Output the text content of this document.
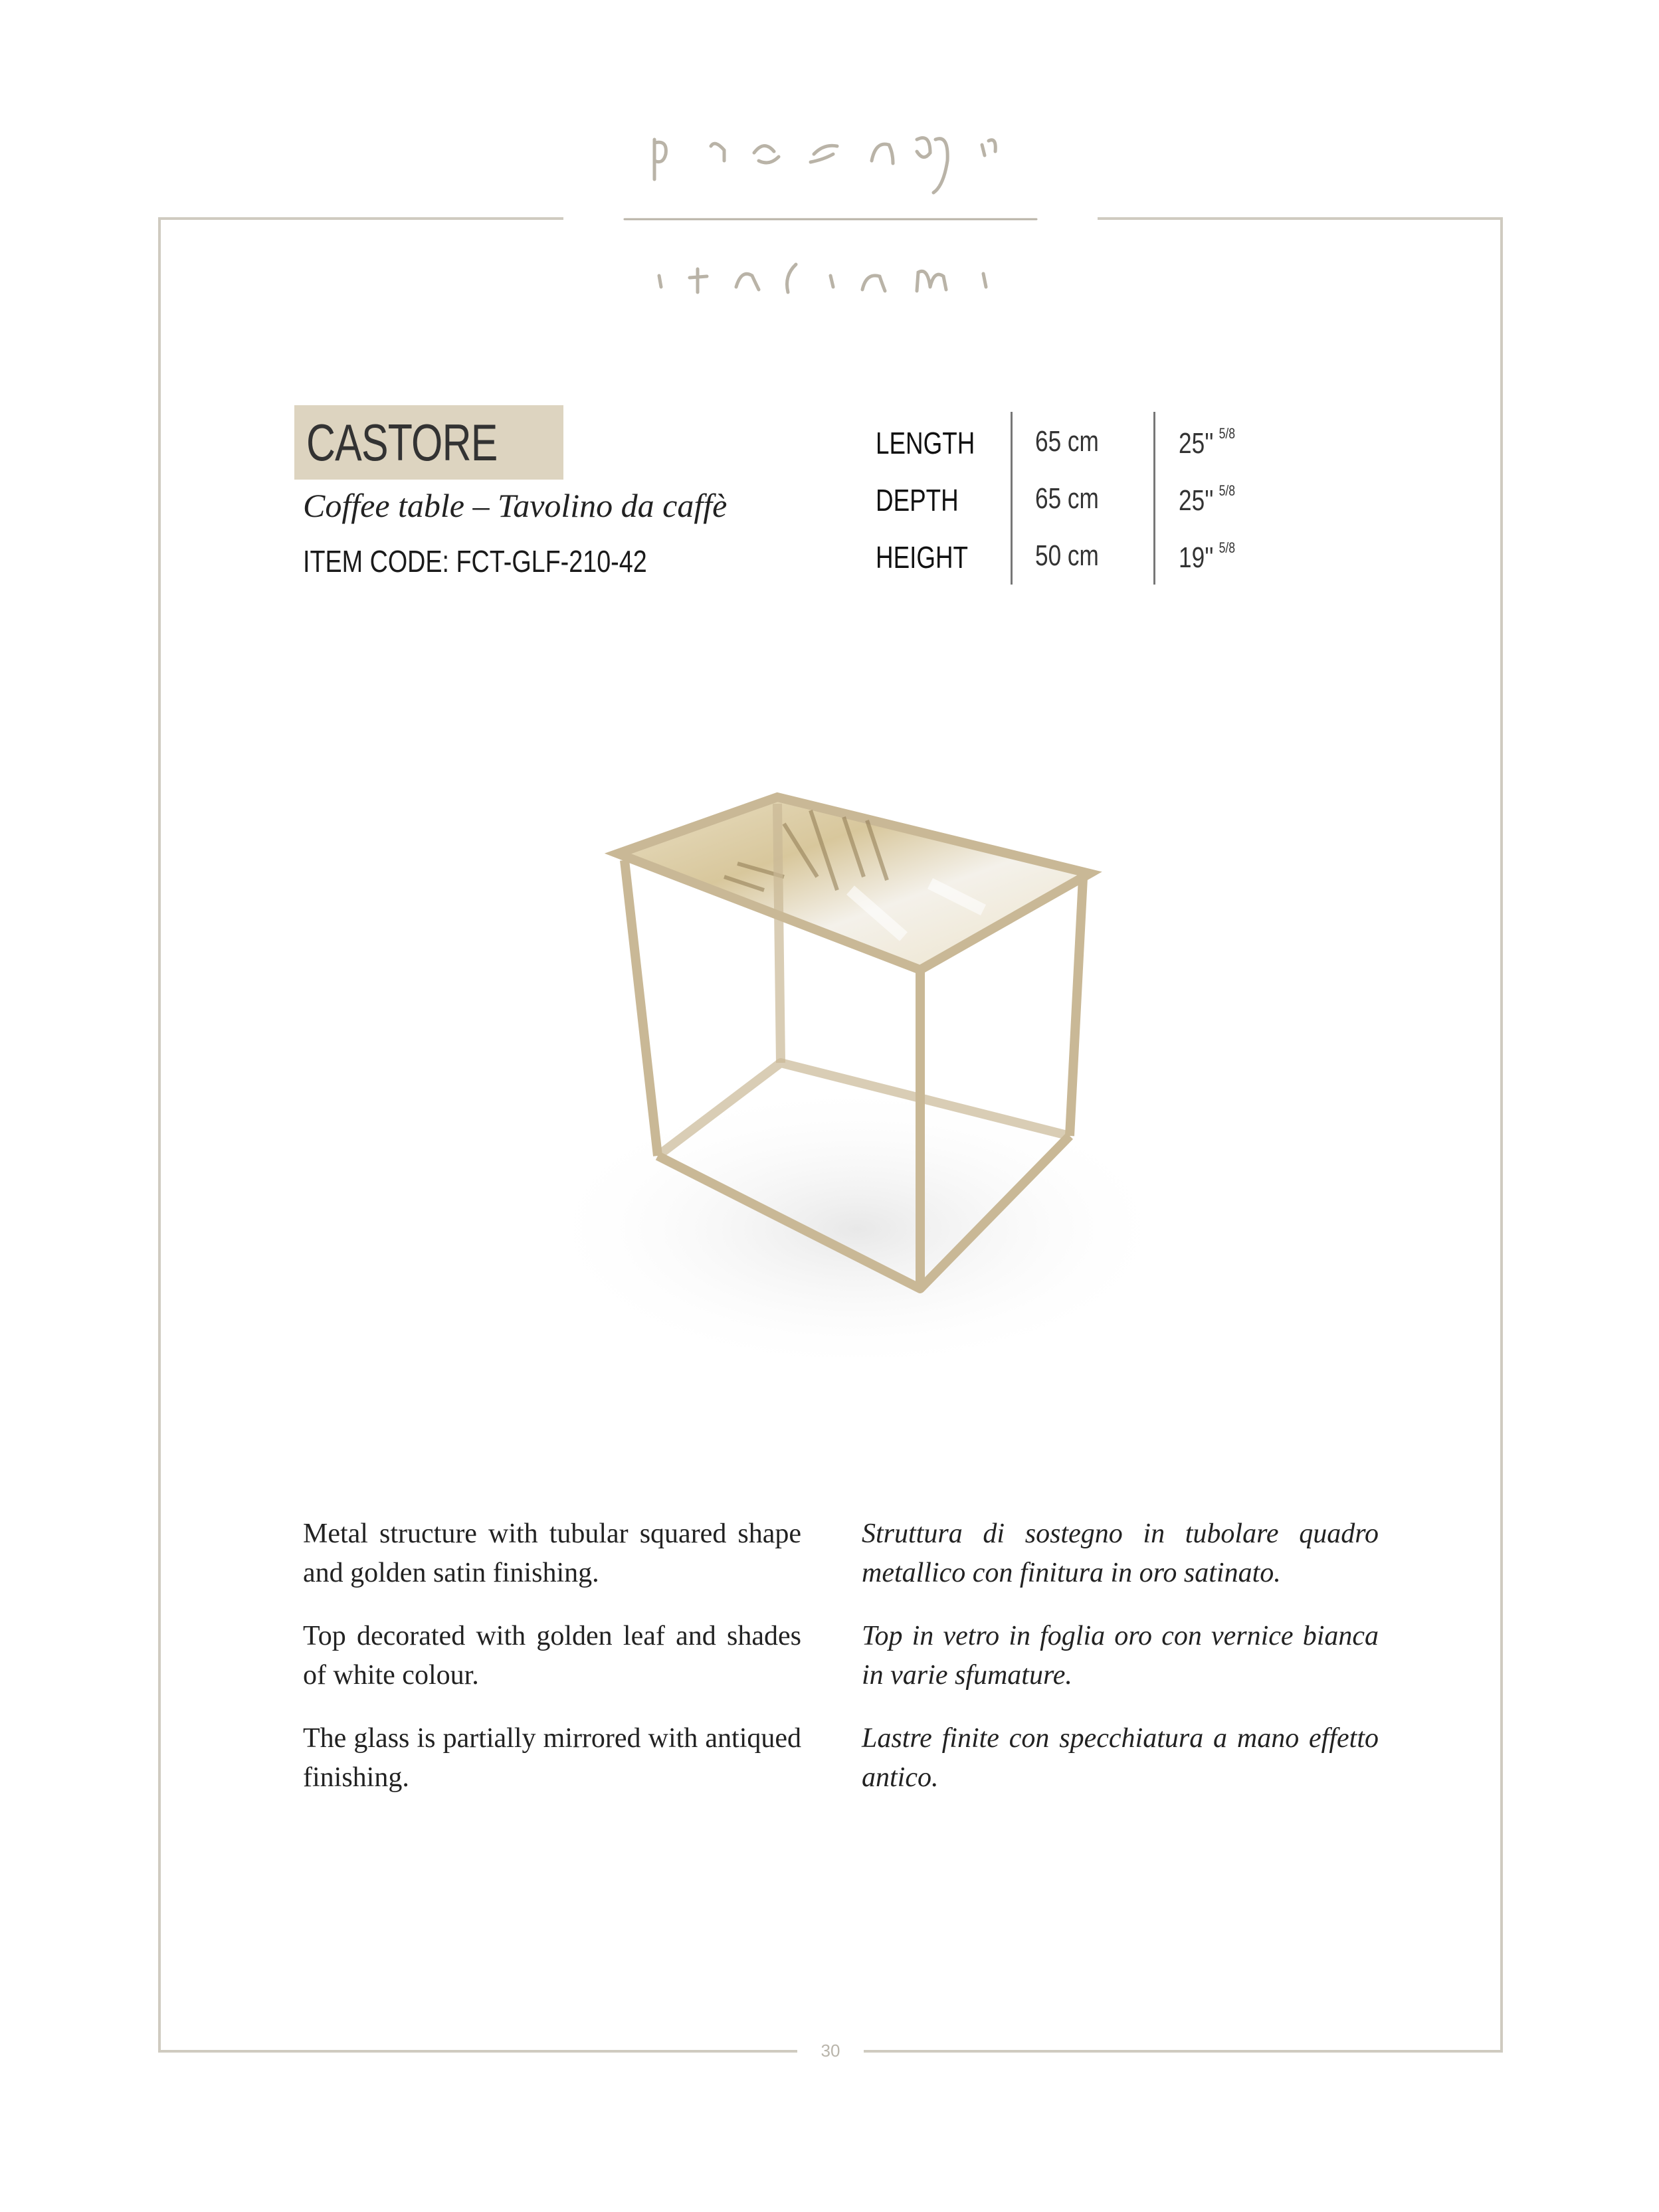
CASTORE
Coffee table – Tavolino da caffè
ITEM CODE: FCT-GLF-210-42
LENGTH 65 cm	25'' $^{5/8}$
DEPTH	65 cm	25'' $^{5/8}$
HEIGHT 50 cm	19'' $^{5/8}$

Metal structure with tubular squared shape and golden satin finishing.

Top decorated with golden leaf and shades of white colour.

The glass is partially mirrored with antiqued finishing.

Struttura di sostegno in tubolare quadro metallico con finitura in oro satinato.

Top in vetro in foglia oro con vernice bianca in varie sfumature.

Lastre finite con specchiatura a mano effetto antico.

30
